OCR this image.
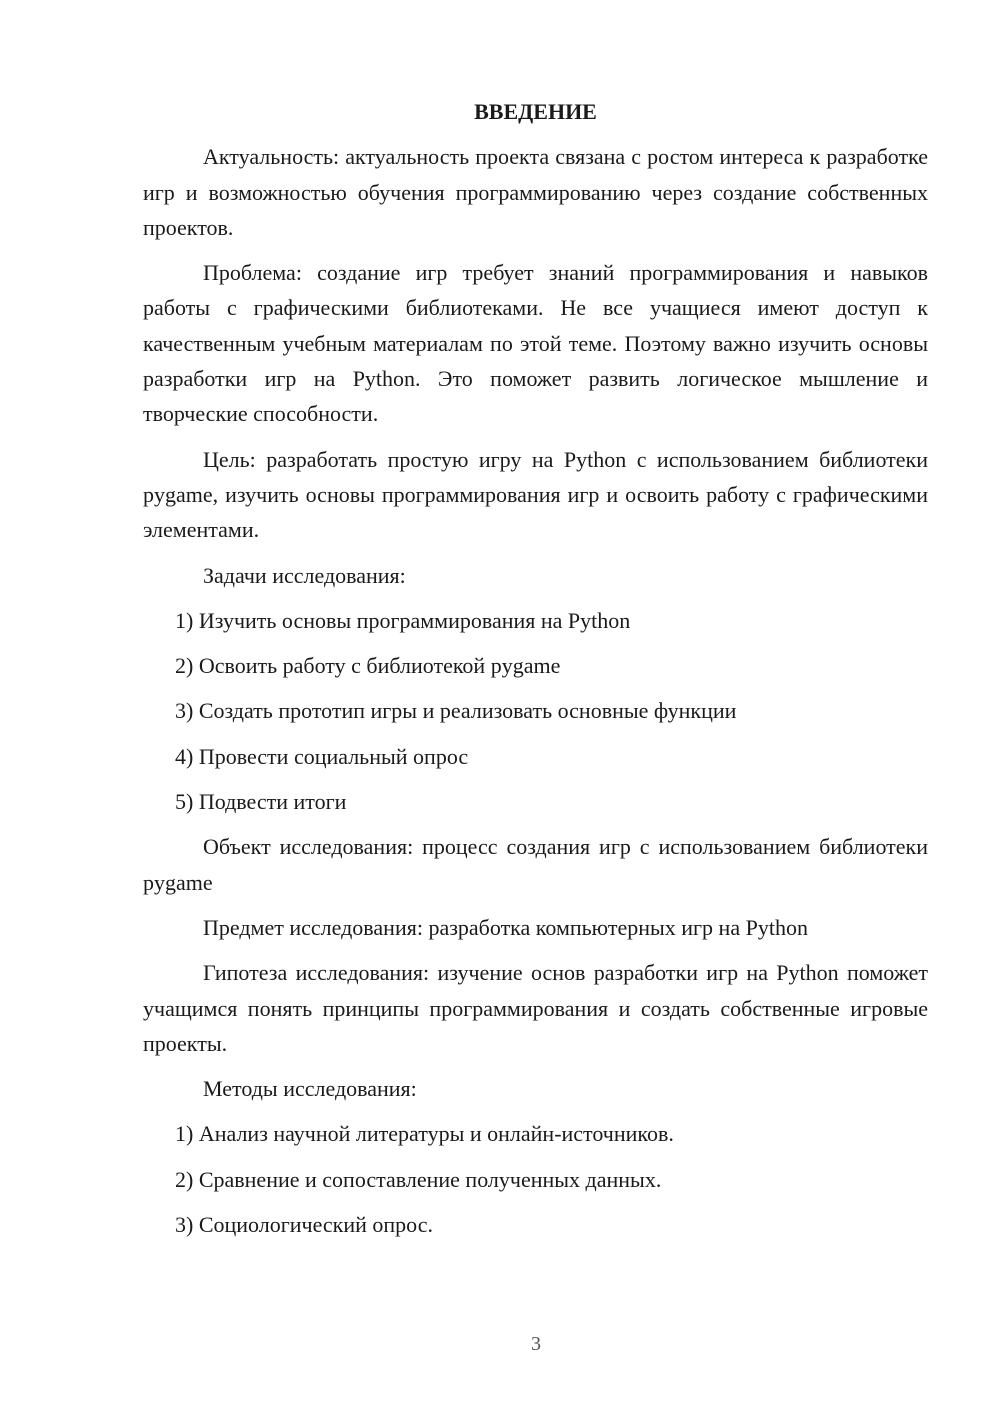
ВВЕДЕНИЕ
Актуальность: актуальность проекта связана с ростом интереса к разработке игр и возможностью обучения программированию через создание собственных проектов.
Проблема: создание игр требует знаний программирования и навыков работы с графическими библиотеками. Не все учащиеся имеют доступ к качественным учебным материалам по этой теме. Поэтому важно изучить основы разработки игр на Python. Это поможет развить логическое мышление и творческие способности.
Цель: разработать простую игру на Python с использованием библиотеки pygame, изучить основы программирования игр и освоить работу с графическими элементами.
Задачи исследования:
1) Изучить основы программирования на Python
2) Освоить работу с библиотекой pygame
3) Создать прототип игры и реализовать основные функции
4) Провести социальный опрос
5) Подвести итоги
Объект исследования: процесс создания игр с использованием библиотеки pygame
Предмет исследования: разработка компьютерных игр на Python
Гипотеза исследования: изучение основ разработки игр на Python поможет учащимся понять принципы программирования и создать собственные игровые проекты.
Методы исследования:
1) Анализ научной литературы и онлайн-источников.
2) Сравнение и сопоставление полученных данных.
3) Социологический опрос.
3
